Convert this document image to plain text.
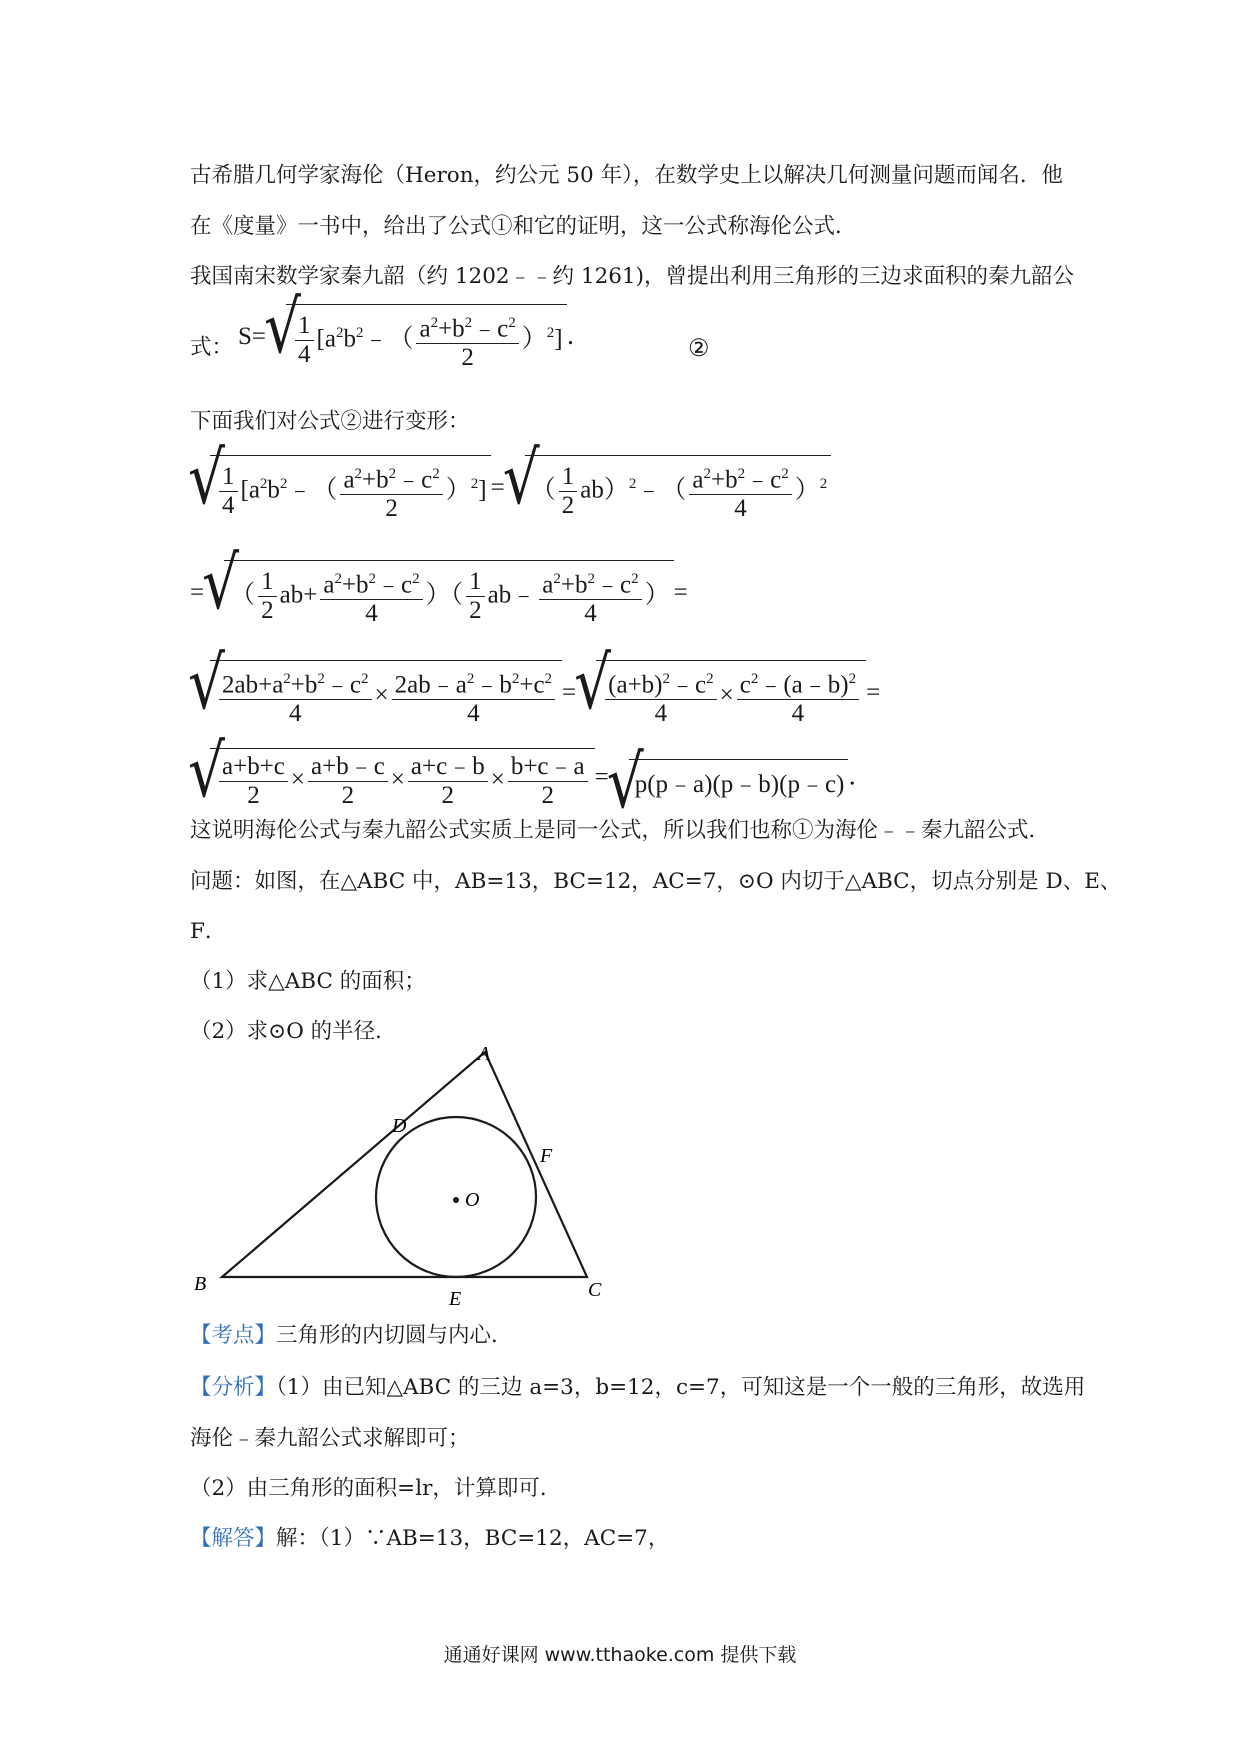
古希腊几何学家海伦（Heron，约公元 50 年），在数学史上以解决几何测量问题而闻名．他
在《度量》一书中，给出了公式①和它的证明，这一公式称海伦公式．
我国南宋数学家秦九韶（约 1202﹣﹣约 1261)，曾提出利用三角形的三边求面积的秦九韶公
式： S= √ $\frac{1}{4}$ $[a^2b^2﹣( \frac{a^2+b^2﹣c^2}{2} )^2]$ ．	②
下面我们对公式②进行变形：
√ $\frac{1}{4}$ $[a^2b^2﹣( \frac{a^2+b^2﹣c^2}{2} )^2]$ = √ （ $\frac{1}{2}$ ab）$^2$﹣（ $\frac{a^2+b^2﹣c^2}{4} )^2$
= √ （ $\frac{1}{2} ab+ \frac{a^2+b^2﹣c^2}{4}$ ）（ $\frac{1}{2}$ ab﹣ $\frac{a^2+b^2﹣c^2}{4}$ ） =
√ $\frac{2ab+a^2+b^2﹣c^2}{4} \times \frac{2ab﹣a^2﹣b^2+c^2}{4}$ = √ $\frac{(a+b)^2﹣c^2}{4} \times \frac{c^2﹣(a﹣b)^2}{4}$ =
√ $\frac{a+b+c}{2} \times \frac{a+b﹣c}{2} \times \frac{a+c﹣b}{2} \times \frac{b+c﹣a}{2}$ = √ p(p﹣a)(p﹣b)(p﹣c) ．
这说明海伦公式与秦九韶公式实质上是同一公式，所以我们也称①为海伦﹣﹣秦九韶公式．
问题：如图，在△ABC 中，AB=13，BC=12，AC=7，⊙O 内切于△ABC，切点分别是 D、E、
F．
（1）求△ABC 的面积；
（2）求⊙O 的半径．
A
B	C
D
E
F
O
【考点】三角形的内切圆与内心．
【分析】（1）由已知△ABC 的三边 a=3，b=12，c=7，可知这是一个一般的三角形，故选用
海伦﹣秦九韶公式求解即可；
（2）由三角形的面积=lr，计算即可．
【解答】解：（1）∵AB=13，BC=12，AC=7，
通通好课网 www.tthaoke.com 提供下载
